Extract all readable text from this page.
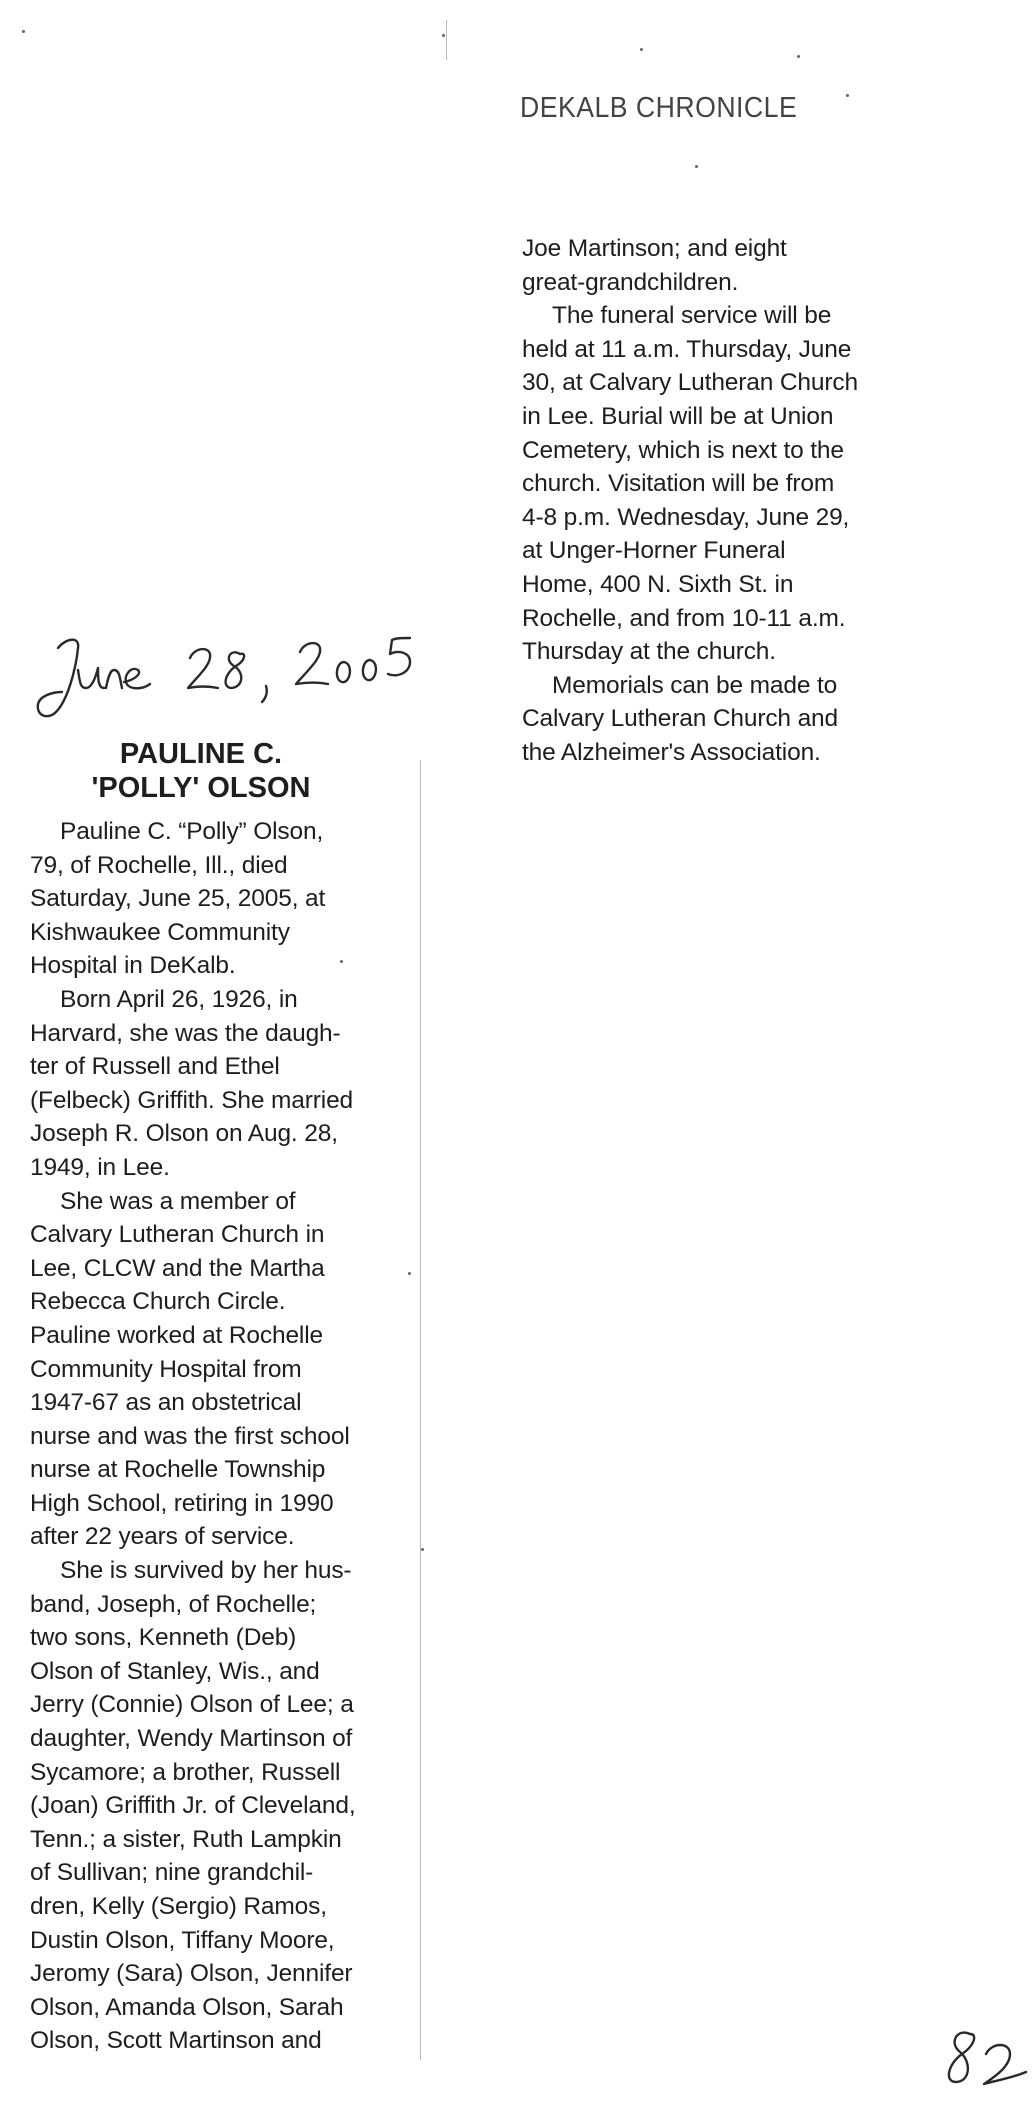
DEKALB CHRONICLE
PAULINE C.
'POLLY' OLSON
Pauline C. “Polly” Olson,
79, of Rochelle, Ill., died
Saturday, June 25, 2005, at
Kishwaukee Community
Hospital in DeKalb.
Born April 26, 1926, in
Harvard, she was the daugh-
ter of Russell and Ethel
(Felbeck) Griffith. She married
Joseph R. Olson on Aug. 28,
1949, in Lee.
She was a member of
Calvary Lutheran Church in
Lee, CLCW and the Martha
Rebecca Church Circle.
Pauline worked at Rochelle
Community Hospital from
1947-67 as an obstetrical
nurse and was the first school
nurse at Rochelle Township
High School, retiring in 1990
after 22 years of service.
She is survived by her hus-
band, Joseph, of Rochelle;
two sons, Kenneth (Deb)
Olson of Stanley, Wis., and
Jerry (Connie) Olson of Lee; a
daughter, Wendy Martinson of
Sycamore; a brother, Russell
(Joan) Griffith Jr. of Cleveland,
Tenn.; a sister, Ruth Lampkin
of Sullivan; nine grandchil-
dren, Kelly (Sergio) Ramos,
Dustin Olson, Tiffany Moore,
Jeromy (Sara) Olson, Jennifer
Olson, Amanda Olson, Sarah
Olson, Scott Martinson and
Joe Martinson; and eight
great-grandchildren.
The funeral service will be
held at 11 a.m. Thursday, June
30, at Calvary Lutheran Church
in Lee. Burial will be at Union
Cemetery, which is next to the
church. Visitation will be from
4-8 p.m. Wednesday, June 29,
at Unger-Horner Funeral
Home, 400 N. Sixth St. in
Rochelle, and from 10-11 a.m.
Thursday at the church.
Memorials can be made to
Calvary Lutheran Church and
the Alzheimer's Association.
